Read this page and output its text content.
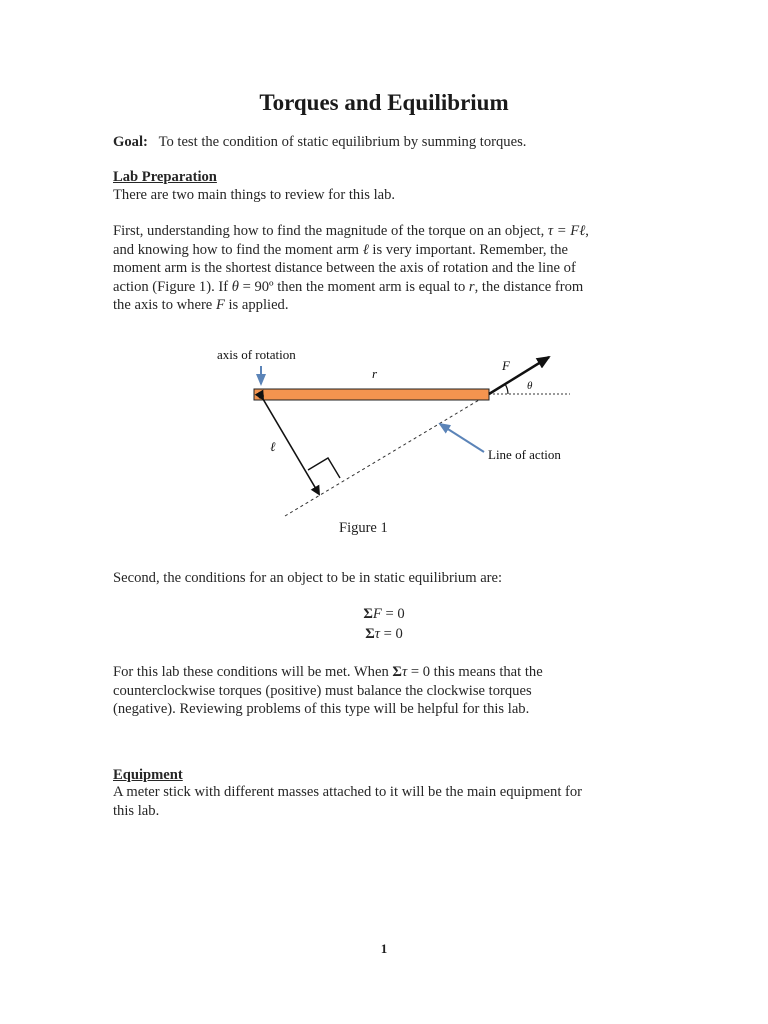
Torques and Equilibrium
Goal: To test the condition of static equilibrium by summing torques.
Lab Preparation
There are two main things to review for this lab.
First, understanding how to find the magnitude of the torque on an object, τ = Fℓ,
and knowing how to find the moment arm ℓ is very important. Remember, the
moment arm is the shortest distance between the axis of rotation and the line of
action (Figure 1). If θ = 90º then the moment arm is equal to r, the distance from
the axis to where F is applied.
axis of rotation
r
F
θ
ℓ
Line of action
Figure 1
Second, the conditions for an object to be in static equilibrium are:
ΣF = 0
Στ = 0
For this lab these conditions will be met. When Στ = 0 this means that the
counterclockwise torques (positive) must balance the clockwise torques
(negative). Reviewing problems of this type will be helpful for this lab.
Equipment
A meter stick with different masses attached to it will be the main equipment for
this lab.
1
